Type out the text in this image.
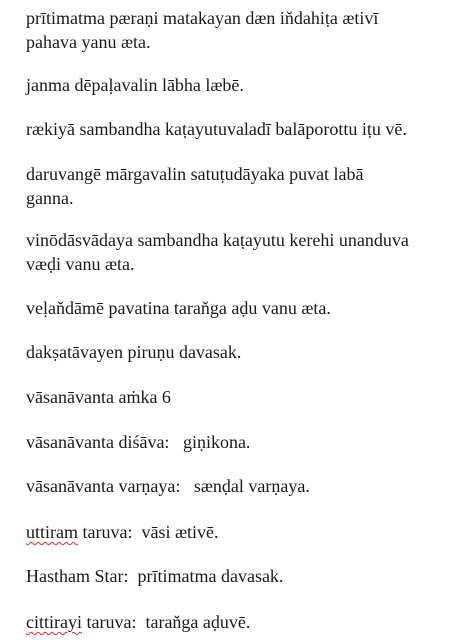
prītimatma pæraṇi matakayan dæn iňdahiṭa ætivī
pahava yanu æta.

janma dēpaḷavalin lābha læbē.

rækiyā sambandha kaṭayutuvaladī balāporottu iṭu vē.

daruvangē mārgavalin satuṭudāyaka puvat labā
ganna.

vinōdāsvādaya sambandha kaṭayutu kerehi unanduva
væḍi vanu æta.

veḷaňdāmē pavatina taraňga aḍu vanu æta.

dakṣatāvayen piruṇu davasak.

vāsanāvanta aṁka 6

vāsanāvanta diśāva:   giṇikona.

vāsanāvanta varṇaya:   sænḍal varṇaya.

uttiram taruva:  vāsi ætivē.

Hastham Star:  prītimatma davasak.

cittirayi taruva:  taraňga aḍuvē.
